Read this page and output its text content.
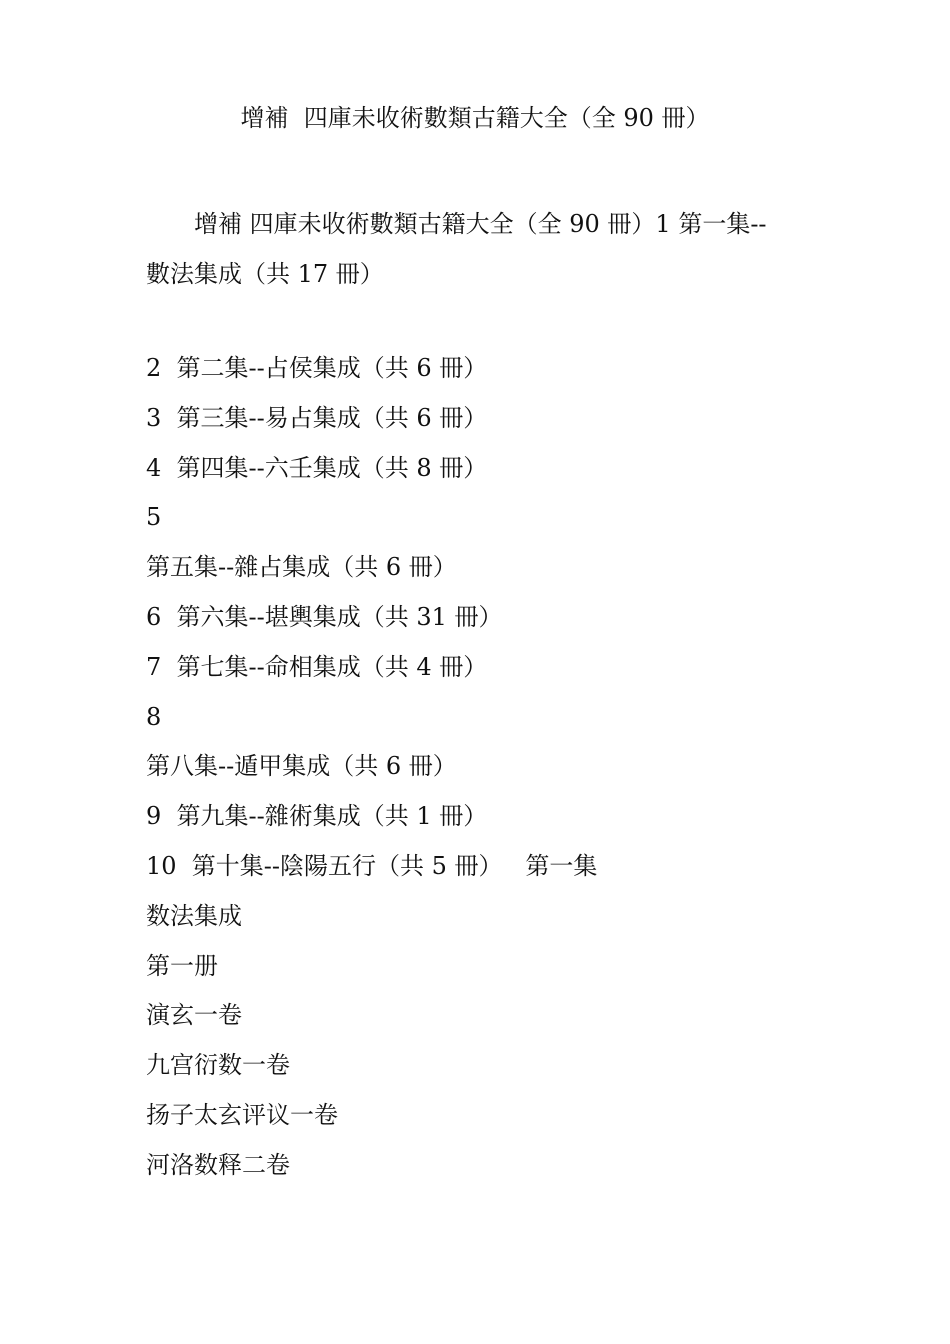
增補  四庫未收術數類古籍大全（全 90 冊）
增補 四庫未收術數類古籍大全（全 90 冊）1 第一集--
數法集成（共 17 冊）
2  第二集--占侯集成（共 6 冊）
3  第三集--易占集成（共 6 冊）
4  第四集--六壬集成（共 8 冊）
5
第五集--雜占集成（共 6 冊）
6  第六集--堪輿集成（共 31 冊）
7  第七集--命相集成（共 4 冊）
8
第八集--遁甲集成（共 6 冊）
9  第九集--雜術集成（共 1 冊）
10  第十集--陰陽五行（共 5 冊）   第一集
数法集成
第一册
演玄一卷
九宫衍数一卷
扬子太玄评议一卷
河洛数释二卷
